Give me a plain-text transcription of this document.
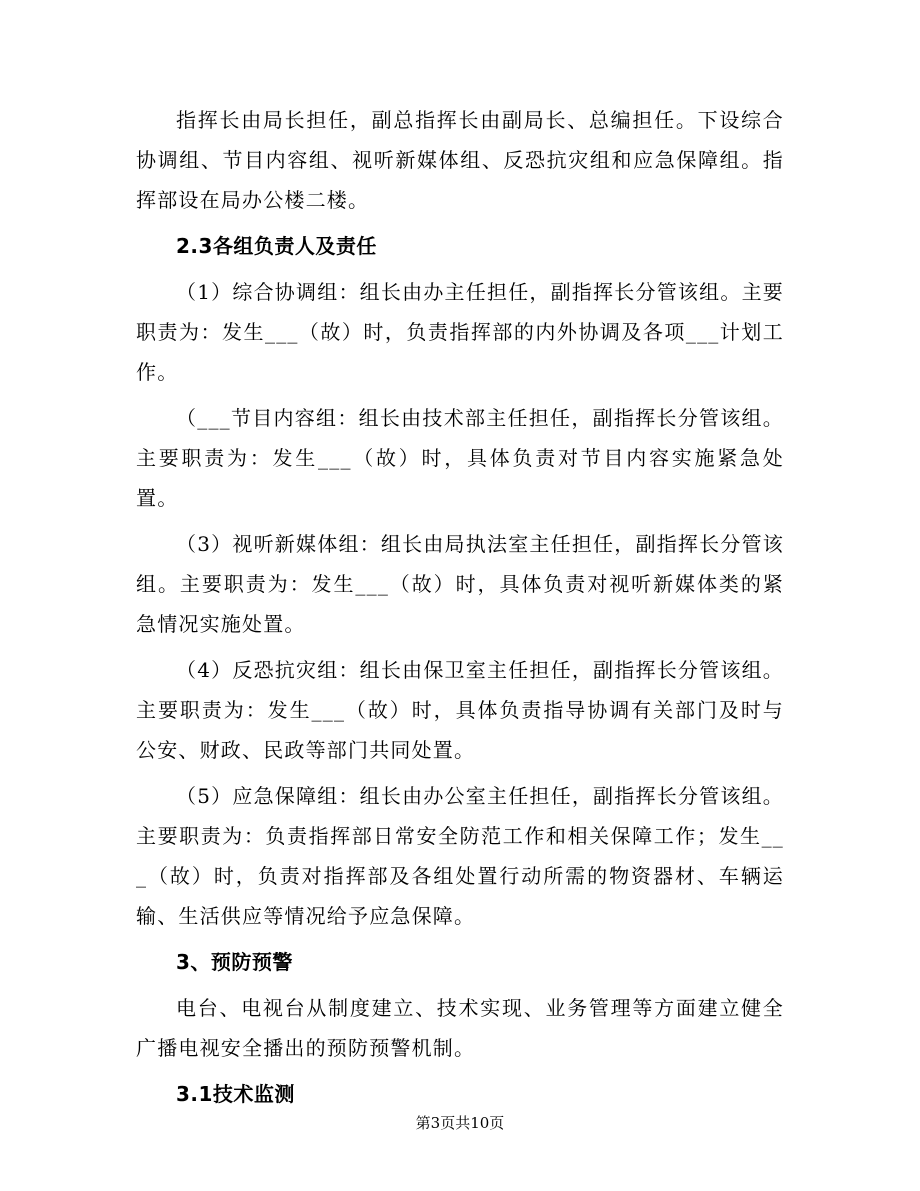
指挥长由局长担任，副总指挥长由副局长、总编担任。下设综合协调组、节目内容组、视听新媒体组、反恐抗灾组和应急保障组。指挥部设在局办公楼二楼。

2.3各组负责人及责任

（1）综合协调组：组长由办主任担任，副指挥长分管该组。主要职责为：发生___（故）时，负责指挥部的内外协调及各项___计划工作。

（___节目内容组：组长由技术部主任担任，副指挥长分管该组。主要职责为：发生___（故）时，具体负责对节目内容实施紧急处置。

（3）视听新媒体组：组长由局执法室主任担任，副指挥长分管该组。主要职责为：发生___（故）时，具体负责对视听新媒体类的紧急情况实施处置。

（4）反恐抗灾组：组长由保卫室主任担任，副指挥长分管该组。主要职责为：发生___（故）时，具体负责指导协调有关部门及时与公安、财政、民政等部门共同处置。

（5）应急保障组：组长由办公室主任担任，副指挥长分管该组。主要职责为：负责指挥部日常安全防范工作和相关保障工作；发生___（故）时，负责对指挥部及各组处置行动所需的物资器材、车辆运输、生活供应等情况给予应急保障。

3、预防预警

电台、电视台从制度建立、技术实现、业务管理等方面建立健全广播电视安全播出的预防预警机制。

3.1技术监测

第3页共10页
